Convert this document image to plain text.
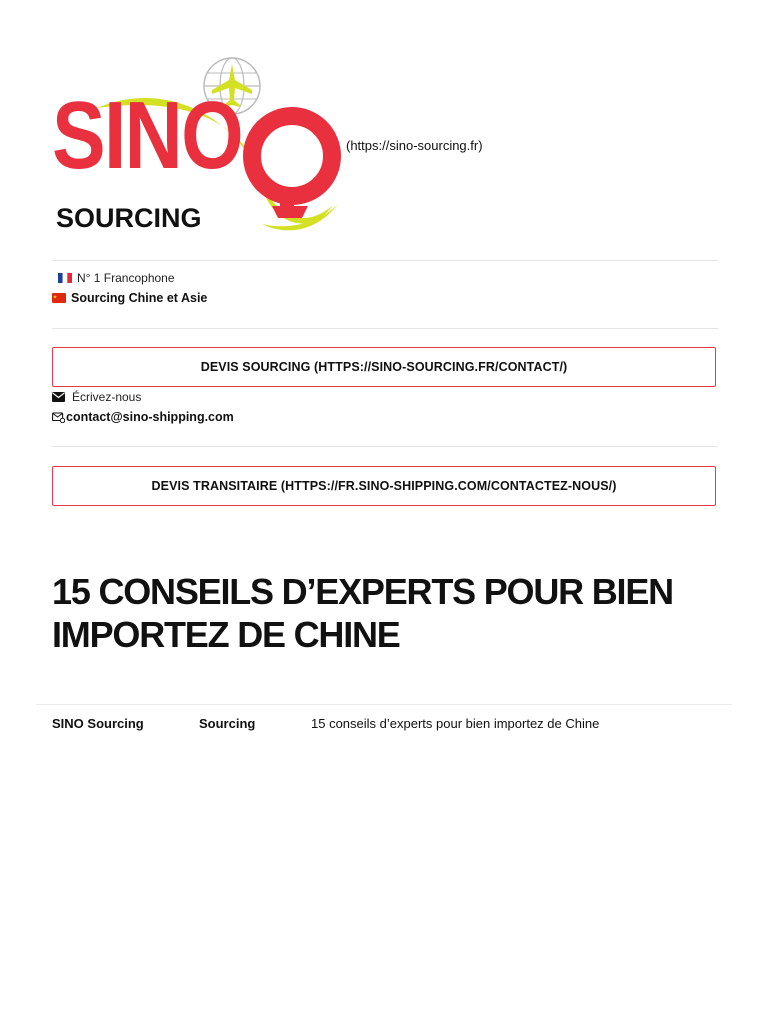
SINO
SOURCING
(https://sino-sourcing.fr)
N° 1 Francophone
Sourcing Chine et Asie
DEVIS SOURCING (HTTPS://SINO-SOURCING.FR/CONTACT/)
Écrivez-nous
contact@sino-shipping.com
DEVIS TRANSITAIRE (HTTPS://FR.SINO-SHIPPING.COM/CONTACTEZ-NOUS/)
15 CONSEILS D’EXPERTS POUR BIEN IMPORTEZ DE CHINE
SINO Sourcing	Sourcing	15 conseils d’experts pour bien importez de Chine
